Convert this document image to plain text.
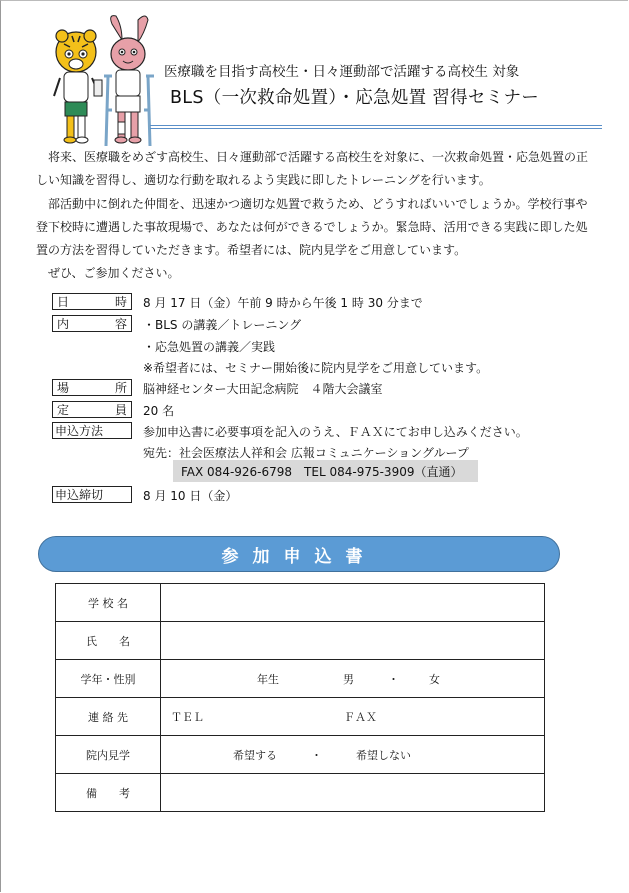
医療職を目指す高校生・日々運動部で活躍する高校生 対象
BLS（一次救命処置）・応急処置 習得セミナー

将来、医療職をめざす高校生、日々運動部で活躍する高校生を対象に、一次救命処置・応急処置の正しい知識を習得し、適切な行動を取れるよう実践に即したトレーニングを行います。

部活動中に倒れた仲間を、迅速かつ適切な処置で救うため、どうすればいいでしょうか。学校行事や登下校時に遭遇した事故現場で、あなたは何ができるでしょうか。緊急時、活用できる実践に即した処置の方法を習得していただきます。希望者には、院内見学をご用意しています。

ぜひ、ご参加ください。

日	時 8 月 17 日（金）午前 9 時から午後 1 時 30 分まで
内	容 ・BLS の講義／トレーニング
・応急処置の講義／実践
※希望者には、セミナー開始後に院内見学をご用意しています。
場	所 脳神経センター大田記念病院　４階大会議室
定	員 20 名
申込方法	参加申込書に必要事項を記入のうえ、ＦＡＸにてお申し込みください。
宛先：社会医療法人祥和会 広報コミュニケーショングループ
FAX 084-926-6798　TEL 084-975-3909（直通）
申込締切	8 月 10 日（金）
参加申込書
学 校 名	
氏　　名	
学年・性別	年生 男 ・ 女

連 絡 先	ＴＥＬ ＦＡＸ

院内見学	希望する ・ 希望しない

備　　考	
